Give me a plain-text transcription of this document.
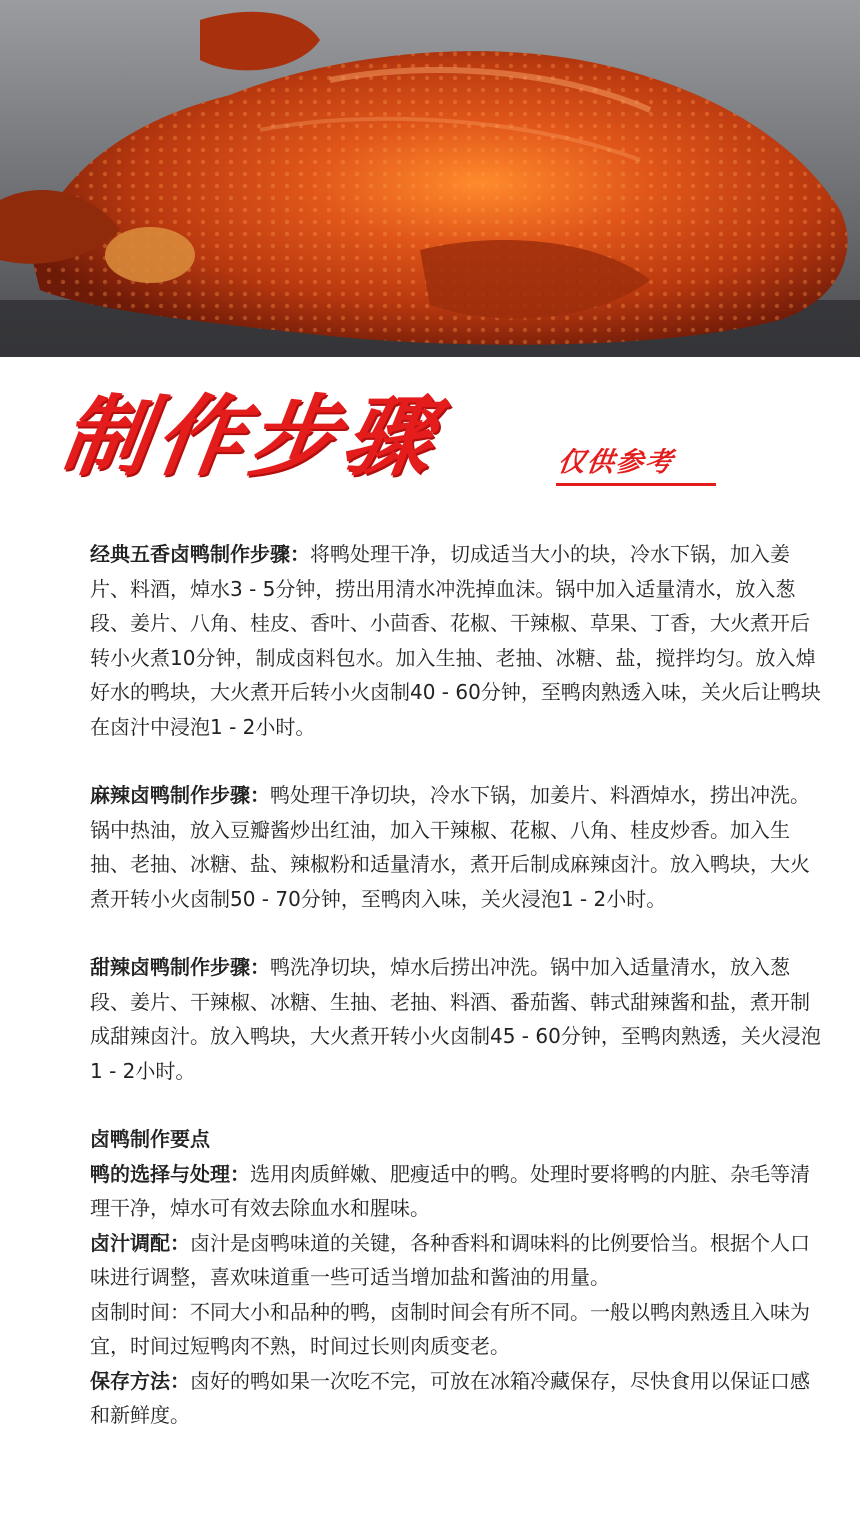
制作步骤	仅供参考

经典五香卤鸭制作步骤：将鸭处理干净，切成适当大小的块，冷水下锅，加入姜片、料酒，焯水3 - 5分钟，捞出用清水冲洗掉血沫。锅中加入适量清水，放入葱段、姜片、八角、桂皮、香叶、小茴香、花椒、干辣椒、草果、丁香，大火煮开后转小火煮10分钟，制成卤料包水。加入生抽、老抽、冰糖、盐，搅拌均匀。放入焯好水的鸭块，大火煮开后转小火卤制40 - 60分钟，至鸭肉熟透入味，关火后让鸭块在卤汁中浸泡1 - 2小时。

麻辣卤鸭制作步骤：鸭处理干净切块，冷水下锅，加姜片、料酒焯水，捞出冲洗。锅中热油，放入豆瓣酱炒出红油，加入干辣椒、花椒、八角、桂皮炒香。加入生抽、老抽、冰糖、盐、辣椒粉和适量清水，煮开后制成麻辣卤汁。放入鸭块，大火煮开转小火卤制50 - 70分钟，至鸭肉入味，关火浸泡1 - 2小时。

甜辣卤鸭制作步骤：鸭洗净切块，焯水后捞出冲洗。锅中加入适量清水，放入葱段、姜片、干辣椒、冰糖、生抽、老抽、料酒、番茄酱、韩式甜辣酱和盐，煮开制成甜辣卤汁。放入鸭块，大火煮开转小火卤制45 - 60分钟，至鸭肉熟透，关火浸泡1 - 2小时。

卤鸭制作要点

鸭的选择与处理：选用肉质鲜嫩、肥瘦适中的鸭。处理时要将鸭的内脏、杂毛等清理干净，焯水可有效去除血水和腥味。

卤汁调配：卤汁是卤鸭味道的关键，各种香料和调味料的比例要恰当。根据个人口味进行调整，喜欢味道重一些可适当增加盐和酱油的用量。

卤制时间：不同大小和品种的鸭，卤制时间会有所不同。一般以鸭肉熟透且入味为宜，时间过短鸭肉不熟，时间过长则肉质变老。

保存方法：卤好的鸭如果一次吃不完，可放在冰箱冷藏保存，尽快食用以保证口感和新鲜度。
